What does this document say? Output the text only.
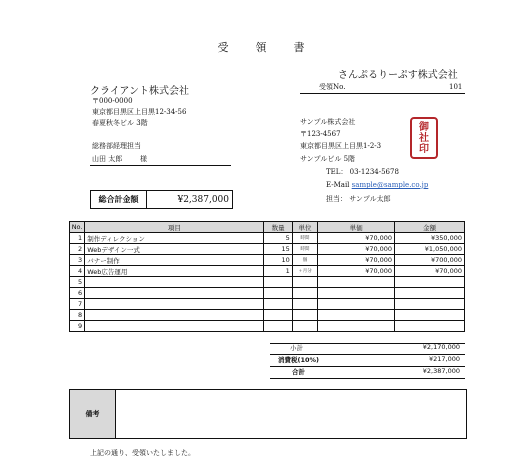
受　領　書
さんぷるりーぷす株式会社
受領No.	101
クライアント株式会社
〒000-0000
東京都目黒区上目黒12-34-56
春夏秋冬ビル 3階
総務部経理担当
山田 太郎	様
サンプル株式会社
〒123-4567
東京都目黒区上目黒1-2-3
サンプルビル 5階
TEL： 03-1234-5678
E-Mail sample@sample.co.jp
担当： サンプル太郎
御
社
印
総合計金額	¥2,387,000
No.	項目	数量	単位	単価	金額
1	制作ディレクション	5	時間	¥70,000	¥350,000
2	Webデザイン一式	15	時間	¥70,000	¥1,050,000
3	バナー制作	10	個	¥70,000	¥700,000
4	Web広告運用	1	ヶ月分	¥70,000	¥70,000
5					
6					
7					
8					
9					
小計	¥2,170,000
消費税(10%)	¥217,000
合計	¥2,387,000
備考
上記の通り、受領いたしました。
